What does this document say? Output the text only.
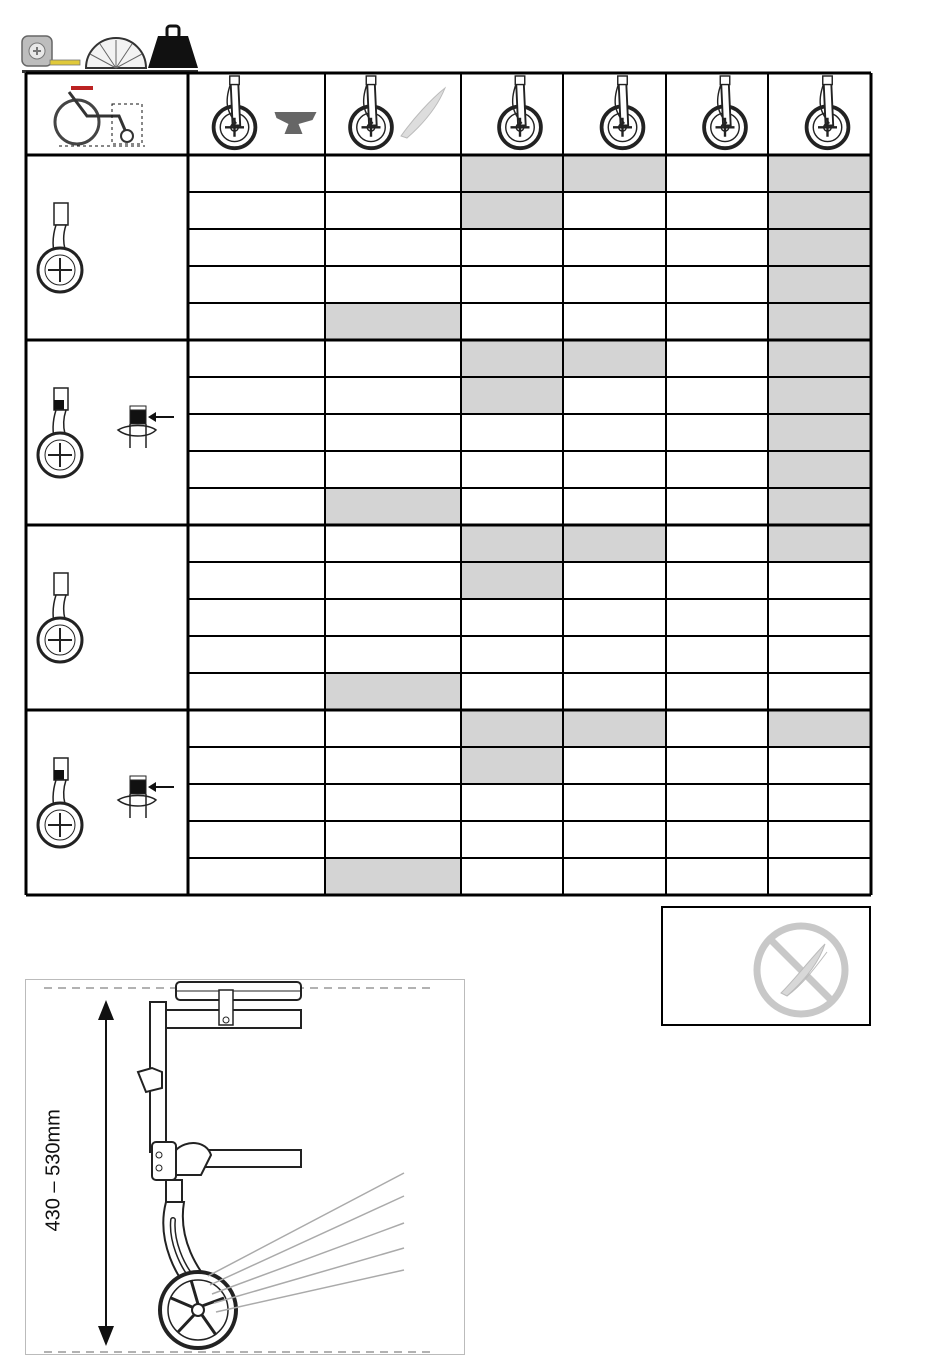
430 – 530mm
